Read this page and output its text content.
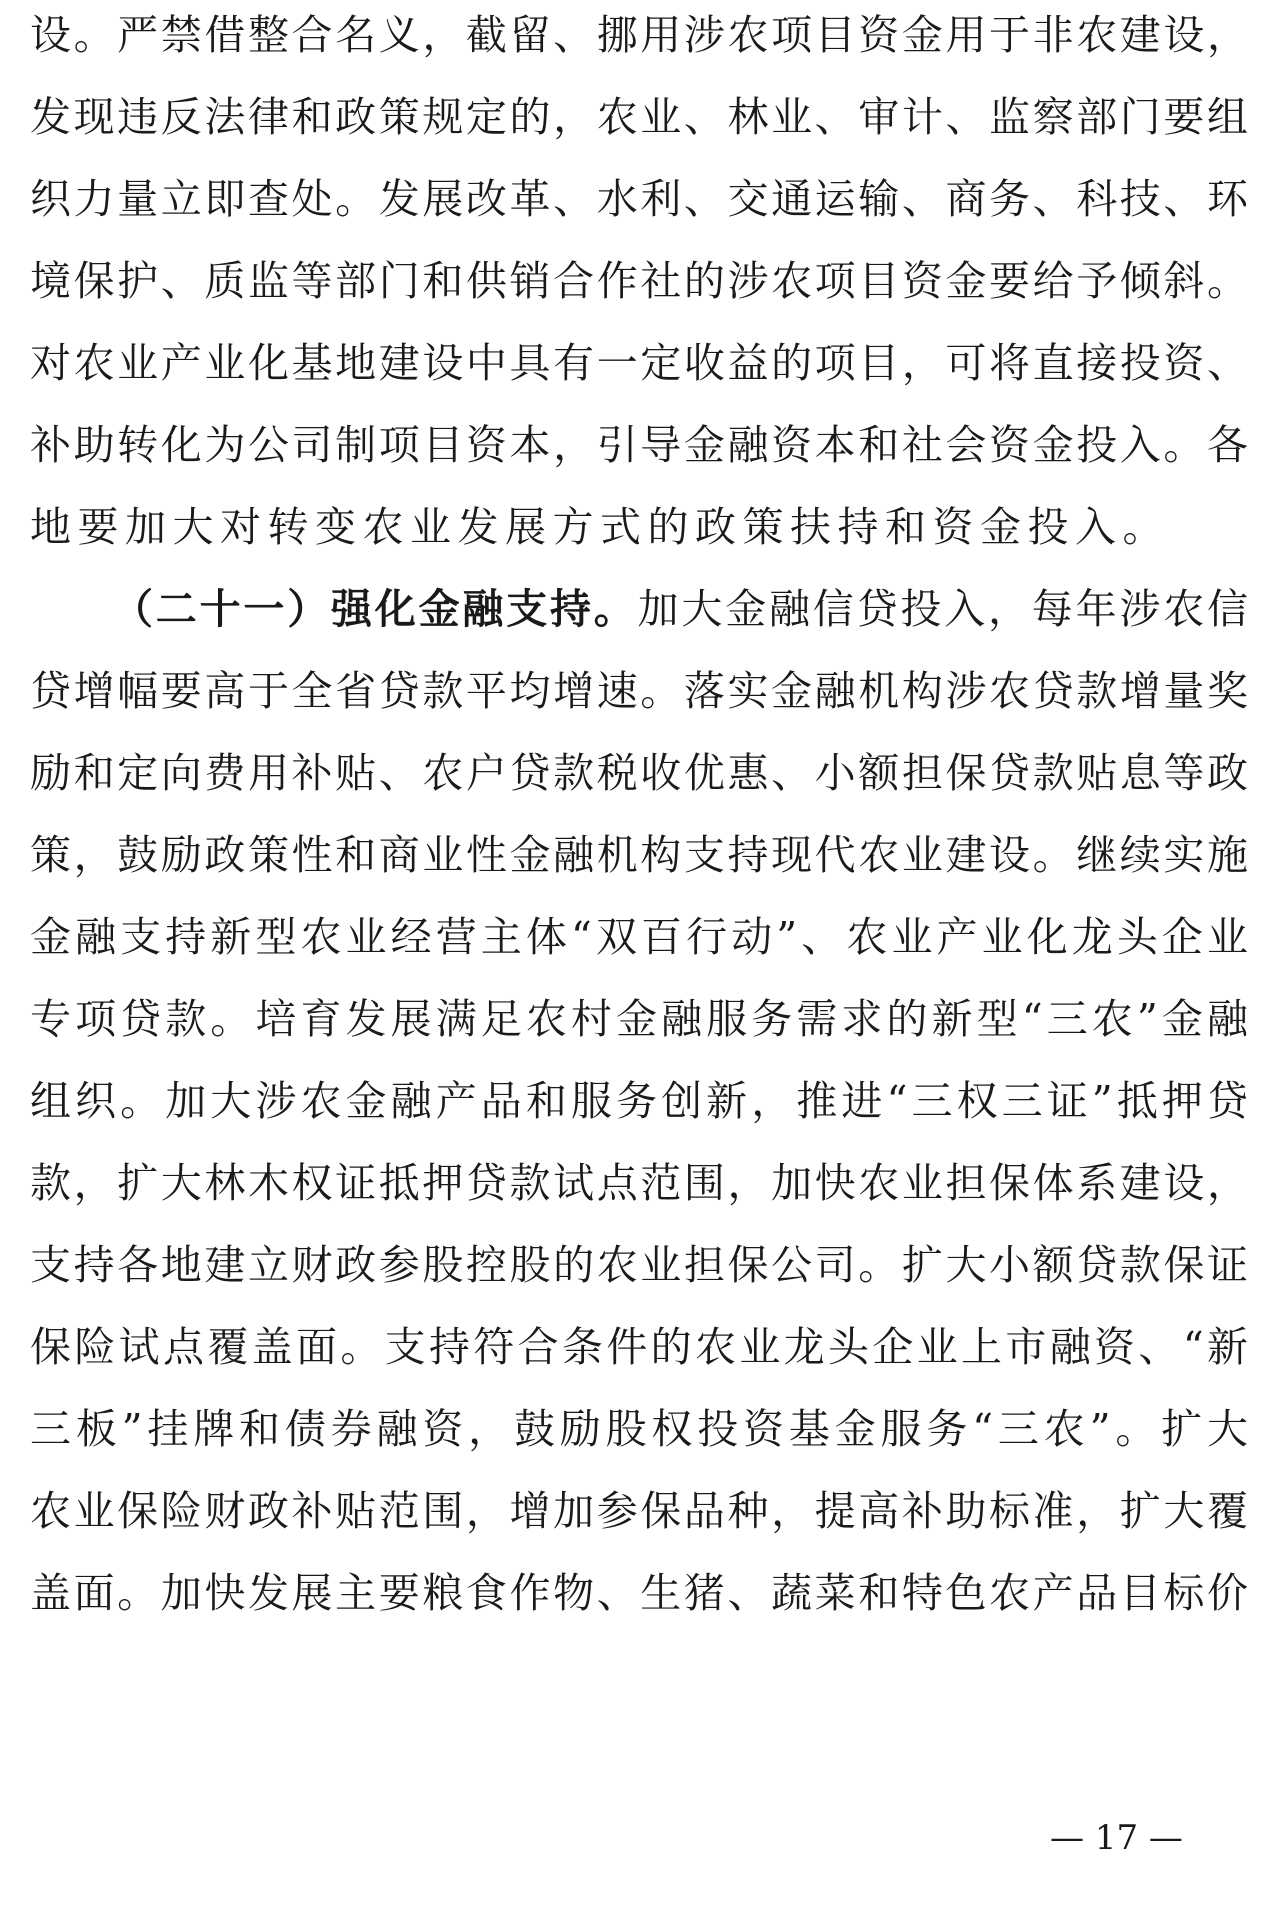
设。严禁借整合名义，截留、挪用涉农项目资金用于非农建设，
发现违反法律和政策规定的，农业、林业、审计、监察部门要组
织力量立即查处。发展改革、水利、交通运输、商务、科技、环
境保护、质监等部门和供销合作社的涉农项目资金要给予倾斜。
对农业产业化基地建设中具有一定收益的项目，可将直接投资、
补助转化为公司制项目资本，引导金融资本和社会资金投入。各
地要加大对转变农业发展方式的政策扶持和资金投入。
（二十一）强化金融支持。加大金融信贷投入，每年涉农信
贷增幅要高于全省贷款平均增速。落实金融机构涉农贷款增量奖
励和定向费用补贴、农户贷款税收优惠、小额担保贷款贴息等政
策，鼓励政策性和商业性金融机构支持现代农业建设。继续实施
金融支持新型农业经营主体“双百行动”、农业产业化龙头企业
专项贷款。培育发展满足农村金融服务需求的新型“三农”金融
组织。加大涉农金融产品和服务创新，推进“三权三证”抵押贷
款，扩大林木权证抵押贷款试点范围，加快农业担保体系建设，
支持各地建立财政参股控股的农业担保公司。扩大小额贷款保证
保险试点覆盖面。支持符合条件的农业龙头企业上市融资、“新
三板”挂牌和债券融资，鼓励股权投资基金服务“三农”。扩大
农业保险财政补贴范围，增加参保品种，提高补助标准，扩大覆
盖面。加快发展主要粮食作物、生猪、蔬菜和特色农产品目标价
— 17 —
